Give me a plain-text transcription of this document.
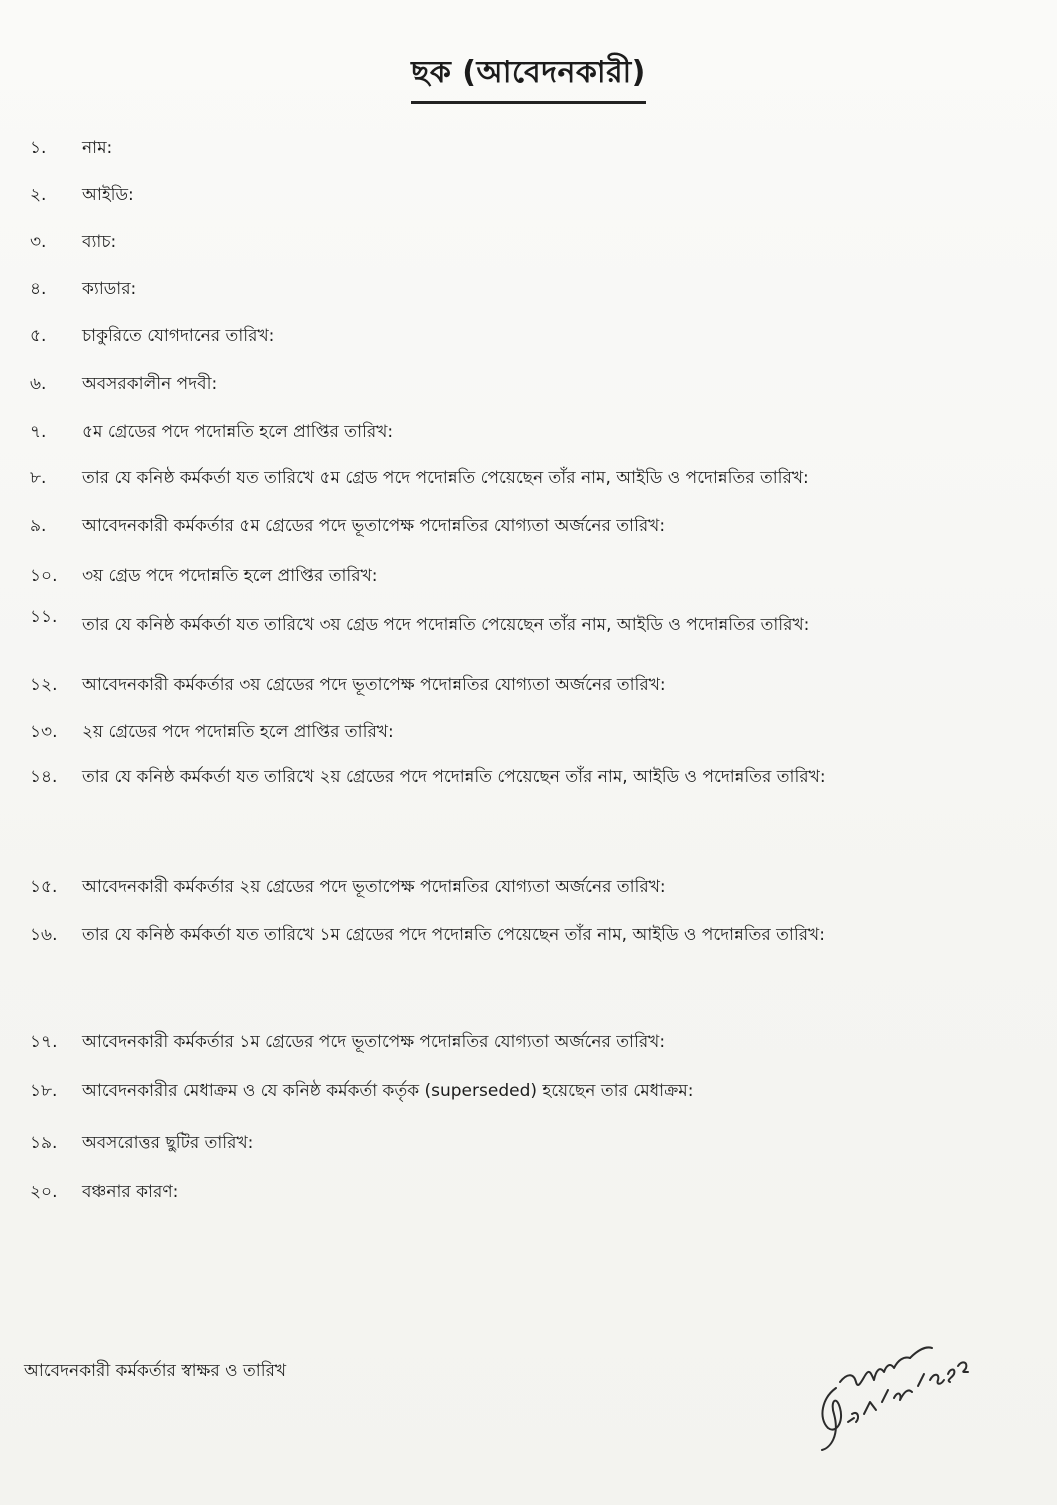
ছক (আবেদনকারী)
১.	নাম:
২.	আইডি:
৩.	ব্যাচ:
৪.	ক্যাডার:
৫.	চাকুরিতে যোগদানের তারিখ:
৬.	অবসরকালীন পদবী:
৭.	৫ম গ্রেডের পদে পদোন্নতি হলে প্রাপ্তির তারিখ:
৮.	তার যে কনিষ্ঠ কর্মকর্তা যত তারিখে ৫ম গ্রেড পদে পদোন্নতি পেয়েছেন তাঁর নাম, আইডি ও পদোন্নতির তারিখ:
৯.	আবেদনকারী কর্মকর্তার ৫ম গ্রেডের পদে ভূতাপেক্ষ পদোন্নতির যোগ্যতা অর্জনের তারিখ:
১০.	৩য় গ্রেড পদে পদোন্নতি হলে প্রাপ্তির তারিখ:
১১.	তার যে কনিষ্ঠ কর্মকর্তা যত তারিখে ৩য় গ্রেড পদে পদোন্নতি পেয়েছেন তাঁর নাম, আইডি ও পদোন্নতির তারিখ:
১২.	আবেদনকারী কর্মকর্তার ৩য় গ্রেডের পদে ভূতাপেক্ষ পদোন্নতির যোগ্যতা অর্জনের তারিখ:
১৩.	২য় গ্রেডের পদে পদোন্নতি হলে প্রাপ্তির তারিখ:
১৪.	তার যে কনিষ্ঠ কর্মকর্তা যত তারিখে ২য় গ্রেডের পদে পদোন্নতি পেয়েছেন তাঁর নাম, আইডি ও পদোন্নতির তারিখ:
১৫.	আবেদনকারী কর্মকর্তার ২য় গ্রেডের পদে ভূতাপেক্ষ পদোন্নতির যোগ্যতা অর্জনের তারিখ:
১৬.	তার যে কনিষ্ঠ কর্মকর্তা যত তারিখে ১ম গ্রেডের পদে পদোন্নতি পেয়েছেন তাঁর নাম, আইডি ও পদোন্নতির তারিখ:
১৭.	আবেদনকারী কর্মকর্তার ১ম গ্রেডের পদে ভূতাপেক্ষ পদোন্নতির যোগ্যতা অর্জনের তারিখ:
১৮.	আবেদনকারীর মেধাক্রম ও যে কনিষ্ঠ কর্মকর্তা কর্তৃক (superseded) হয়েছেন তার মেধাক্রম:
১৯.	অবসরোত্তর ছুটির তারিখ:
২০.	বঞ্চনার কারণ:
আবেদনকারী কর্মকর্তার স্বাক্ষর ও তারিখ
